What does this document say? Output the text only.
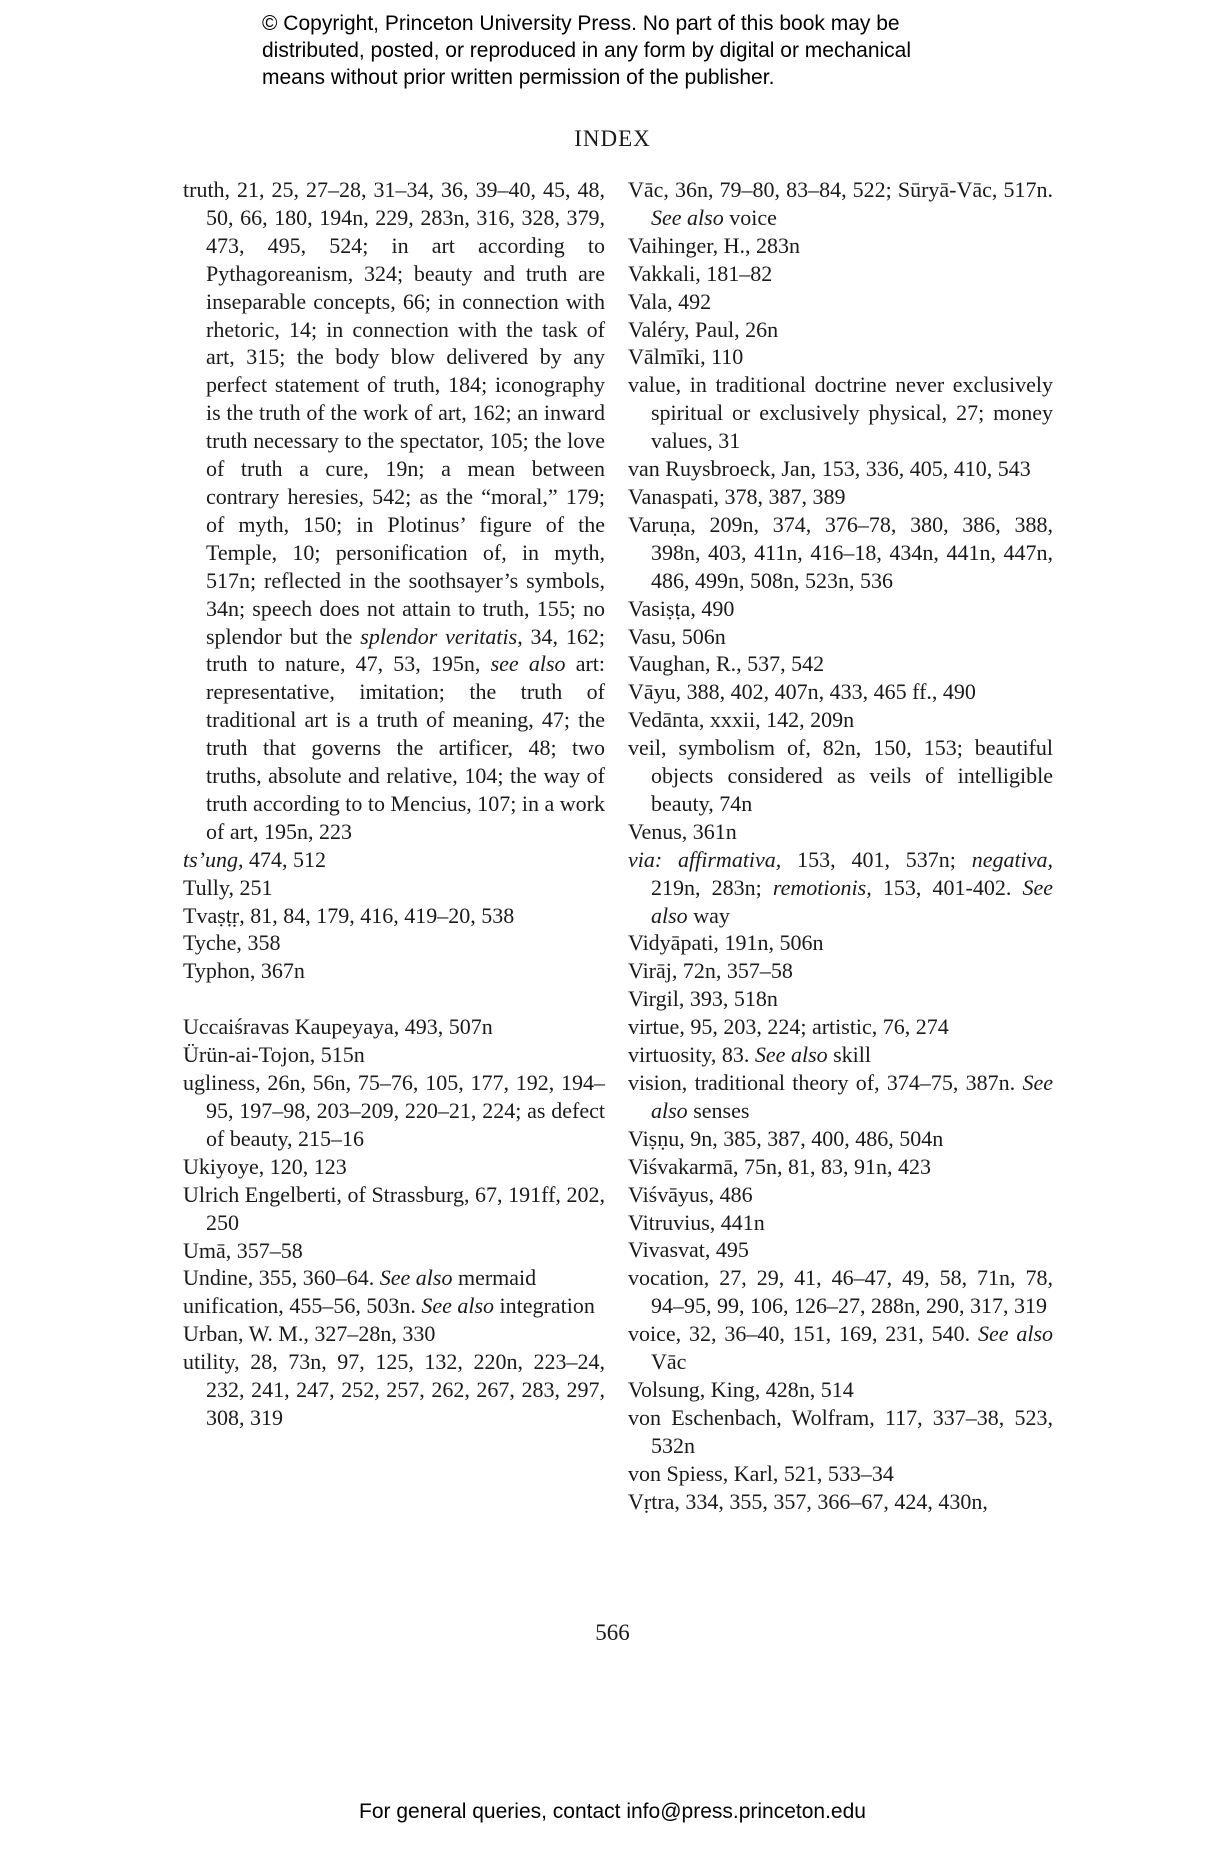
© Copyright, Princeton University Press. No part of this book may be
distributed, posted, or reproduced in any form by digital or mechanical
means without prior written permission of the publisher.
INDEX
truth, 21, 25, 27–28, 31–34, 36, 39–40, 45, 48, 50, 66, 180, 194n, 229, 283n, 316, 328, 379, 473, 495, 524; in art according to Pythagoreanism, 324; beauty and truth are inseparable concepts, 66; in connection with rhetoric, 14; in connection with the task of art, 315; the body blow delivered by any perfect statement of truth, 184; iconography is the truth of the work of art, 162; an inward truth necessary to the spectator, 105; the love of truth a cure, 19n; a mean between contrary heresies, 542; as the “moral,” 179; of myth, 150; in Plotinus’ figure of the Temple, 10; personification of, in myth, 517n; reflected in the soothsayer’s symbols, 34n; speech does not attain to truth, 155; no splendor but the splendor veritatis, 34, 162; truth to nature, 47, 53, 195n, see also art: representative, imitation; the truth of traditional art is a truth of meaning, 47; the truth that governs the artificer, 48; two truths, absolute and relative, 104; the way of truth according to to Mencius, 107; in a work of art, 195n, 223
ts’ung, 474, 512
Tully, 251
Tvaṣṭṛ, 81, 84, 179, 416, 419–20, 538
Tyche, 358
Typhon, 367n
Uccaiśravas Kaupeyaya, 493, 507n
Ürün-ai-Tojon, 515n
ugliness, 26n, 56n, 75–76, 105, 177, 192, 194–95, 197–98, 203–209, 220–21, 224; as defect of beauty, 215–16
Ukiyoye, 120, 123
Ulrich Engelberti, of Strassburg, 67, 191ff, 202, 250
Umā, 357–58
Undine, 355, 360–64. See also mermaid
unification, 455–56, 503n. See also integration
Urban, W. M., 327–28n, 330
utility, 28, 73n, 97, 125, 132, 220n, 223–24, 232, 241, 247, 252, 257, 262, 267, 283, 297, 308, 319
Vāc, 36n, 79–80, 83–84, 522; Sūryā-Vāc, 517n. See also voice
Vaihinger, H., 283n
Vakkali, 181–82
Vala, 492
Valéry, Paul, 26n
Vālmīki, 110
value, in traditional doctrine never exclusively spiritual or exclusively physical, 27; money values, 31
van Ruysbroeck, Jan, 153, 336, 405, 410, 543
Vanaspati, 378, 387, 389
Varuṇa, 209n, 374, 376–78, 380, 386, 388, 398n, 403, 411n, 416–18, 434n, 441n, 447n, 486, 499n, 508n, 523n, 536
Vasiṣṭa, 490
Vasu, 506n
Vaughan, R., 537, 542
Vāyu, 388, 402, 407n, 433, 465 ff., 490
Vedānta, xxxii, 142, 209n
veil, symbolism of, 82n, 150, 153; beautiful objects considered as veils of intelligible beauty, 74n
Venus, 361n
via: affirmativa, 153, 401, 537n; negativa, 219n, 283n; remotionis, 153, 401-402. See also way
Vidyāpati, 191n, 506n
Virāj, 72n, 357–58
Virgil, 393, 518n
virtue, 95, 203, 224; artistic, 76, 274
virtuosity, 83. See also skill
vision, traditional theory of, 374–75, 387n. See also senses
Viṣṇu, 9n, 385, 387, 400, 486, 504n
Viśvakarmā, 75n, 81, 83, 91n, 423
Viśvāyus, 486
Vitruvius, 441n
Vivasvat, 495
vocation, 27, 29, 41, 46–47, 49, 58, 71n, 78, 94–95, 99, 106, 126–27, 288n, 290, 317, 319
voice, 32, 36–40, 151, 169, 231, 540. See also Vāc
Volsung, King, 428n, 514
von Eschenbach, Wolfram, 117, 337–38, 523, 532n
von Spiess, Karl, 521, 533–34
Vṛtra, 334, 355, 357, 366–67, 424, 430n,
566
For general queries, contact info@press.princeton.edu
